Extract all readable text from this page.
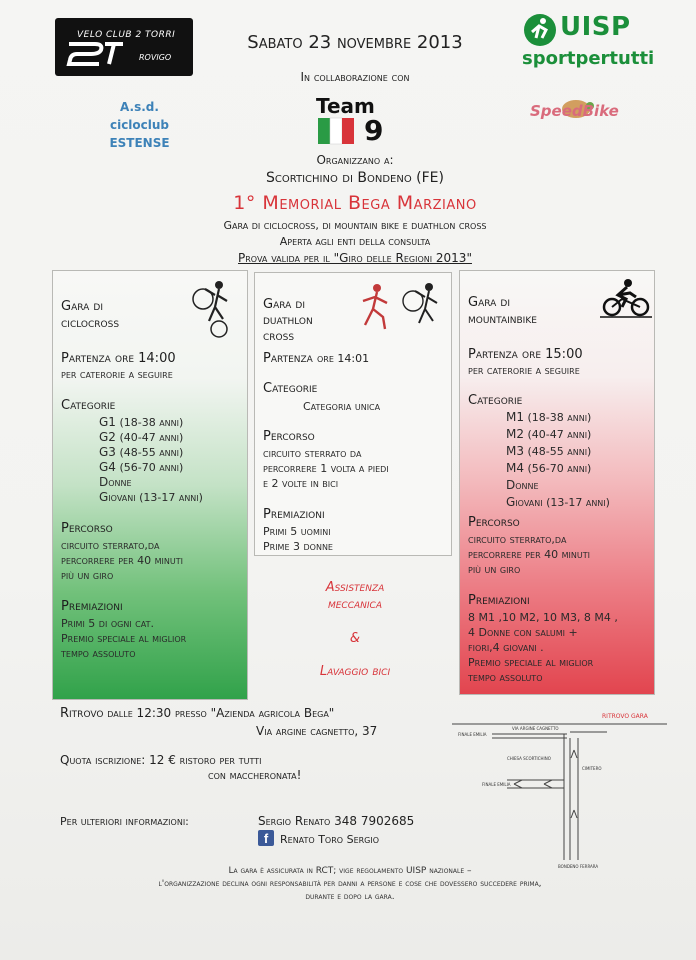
VELO CLUB 2 TORRI
ROVIGO
A.s.d.
cicloclub
ESTENSE
Sabato 23 novembre 2013
In collaborazione con
Team
9
UISP
sportpertutti
SpeedBike
Organizzano a:
Scortichino di Bondeno (FE)
1° Memorial Bega Marziano
Gara di ciclocross, di mountain bike e duathlon cross
Aperta agli enti della consulta
Prova valida per il "Giro delle Regioni 2013"
Gara di
ciclocross
Partenza ore 14:00
per caterorie a seguire
Categorie
G1 (18-38 anni)
G2 (40-47 anni)
G3 (48-55 anni)
G4 (56-70 anni)
Donne
Giovani (13-17 anni)
Percorso
circuito sterrato,da
percorrere per 40 minuti
più un giro
Premiazioni
Primi 5 di ogni cat.
Premio speciale al miglior
tempo assoluto
Gara di
duathlon
cross
Partenza ore 14:01
Categorie
Categoria unica
Percorso
circuito sterrato da
percorrere 1 volta a piedi
e 2 volte in bici
Premiazioni
Primi 5 uomini
Prime 3 donne
Assistenza
meccanica
&
Lavaggio bici
Gara di
mountainbike
Partenza ore 15:00
per caterorie a seguire
Categorie
M1 (18-38 anni)
M2 (40-47 anni)
M3 (48-55 anni)
M4 (56-70 anni)
Donne
Giovani (13-17 anni)
Percorso
circuito sterrato,da
percorrere per 40 minuti
più un giro
Premiazioni
8 M1 ,10 M2, 10 M3, 8 M4 ,
4 Donne con salumi +
fiori,4 giovani .
Premio speciale al miglior
tempo assoluto
Ritrovo dalle 12:30 presso "Azienda agricola Bega"
Via argine cagnetto, 37
Quota iscrizione: 12 € ristoro per tutti
con maccheronata!
Per ulteriori informazioni:	Sergio Renato 348 7902685
f	Renato Toro Sergio
RITROVO GARA
FINALE EMILIA
VIA ARGINE CAGNETTO
CIMITERO
CHIESA SCORTICHINO
FINALE EMILIA
BONDENO FERRARA
La gara è assicurata in RCT; vige regolamento UISP nazionale –
l'organizzazione declina ogni responsabilità per danni a persone e cose che dovessero succedere prima,
durante e dopo la gara.
